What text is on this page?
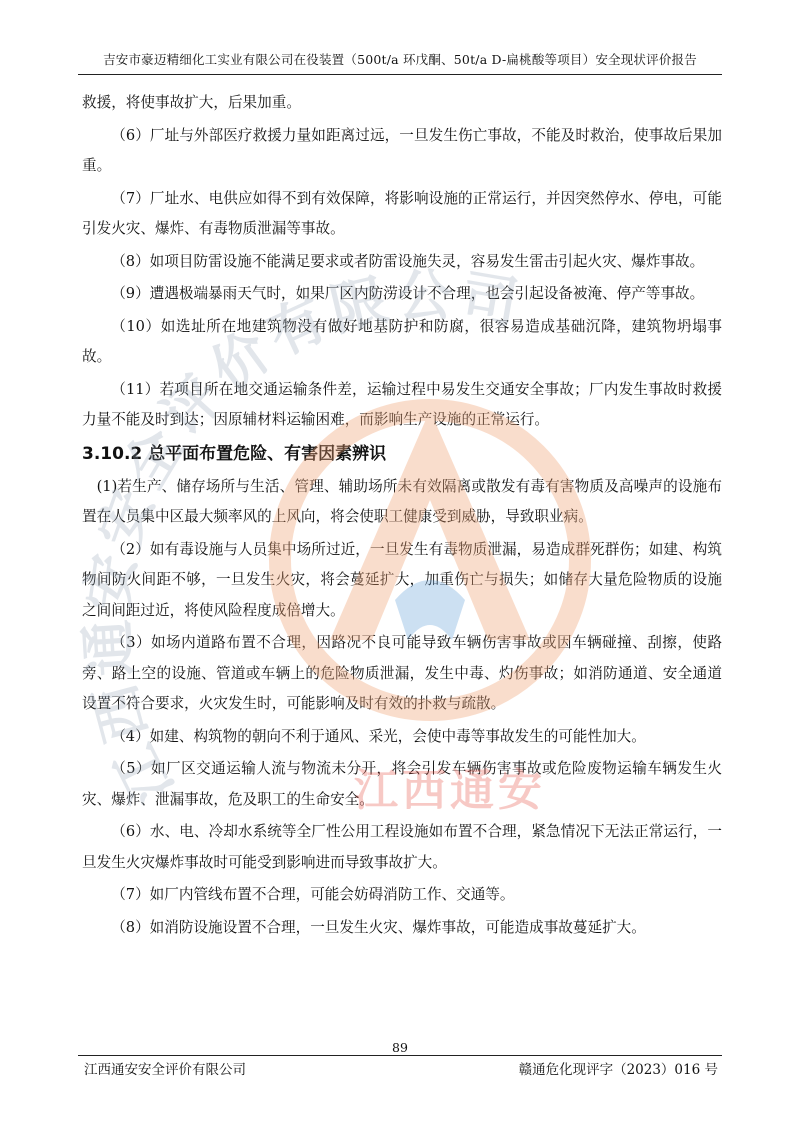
吉安市豪迈精细化工实业有限公司在役装置（500t/a 环戊酮、50t/a D-扁桃酸等项目）安全现状评价报告

救援，将使事故扩大，后果加重。

（6）厂址与外部医疗救援力量如距离过远，一旦发生伤亡事故，不能及时救治，使事故后果加重。

（7）厂址水、电供应如得不到有效保障，将影响设施的正常运行，并因突然停水、停电，可能引发火灾、爆炸、有毒物质泄漏等事故。

（8）如项目防雷设施不能满足要求或者防雷设施失灵，容易发生雷击引起火灾、爆炸事故。

（9）遭遇极端暴雨天气时，如果厂区内防涝设计不合理，也会引起设备被淹、停产等事故。

（10）如选址所在地建筑物没有做好地基防护和防腐，很容易造成基础沉降，建筑物坍塌事故。

（11）若项目所在地交通运输条件差，运输过程中易发生交通安全事故；厂内发生事故时救援力量不能及时到达；因原辅材料运输困难，而影响生产设施的正常运行。

3.10.2 总平面布置危险、有害因素辨识

(1)若生产、储存场所与生活、管理、辅助场所未有效隔离或散发有毒有害物质及高噪声的设施布置在人员集中区最大频率风的上风向，将会使职工健康受到威胁，导致职业病。

（2）如有毒设施与人员集中场所过近，一旦发生有毒物质泄漏，易造成群死群伤；如建、构筑物间防火间距不够，一旦发生火灾，将会蔓延扩大，加重伤亡与损失；如储存大量危险物质的设施之间间距过近，将使风险程度成倍增大。

（3）如场内道路布置不合理，因路况不良可能导致车辆伤害事故或因车辆碰撞、刮擦，使路旁、路上空的设施、管道或车辆上的危险物质泄漏，发生中毒、灼伤事故；如消防通道、安全通道设置不符合要求，火灾发生时，可能影响及时有效的扑救与疏散。

（4）如建、构筑物的朝向不利于通风、采光，会使中毒等事故发生的可能性加大。

（5）如厂区交通运输人流与物流未分开，将会引发车辆伤害事故或危险废物运输车辆发生火灾、爆炸、泄漏事故，危及职工的生命安全。

（6）水、电、冷却水系统等全厂性公用工程设施如布置不合理，紧急情况下无法正常运行，一旦发生火灾爆炸事故时可能受到影响进而导致事故扩大。

（7）如厂内管线布置不合理，可能会妨碍消防工作、交通等。

（8）如消防设施设置不合理，一旦发生火灾、爆炸事故，可能造成事故蔓延扩大。

江西通安安全评价有限公司
江西通安
89
江西通安安全评价有限公司	赣通危化现评字（2023）016 号
